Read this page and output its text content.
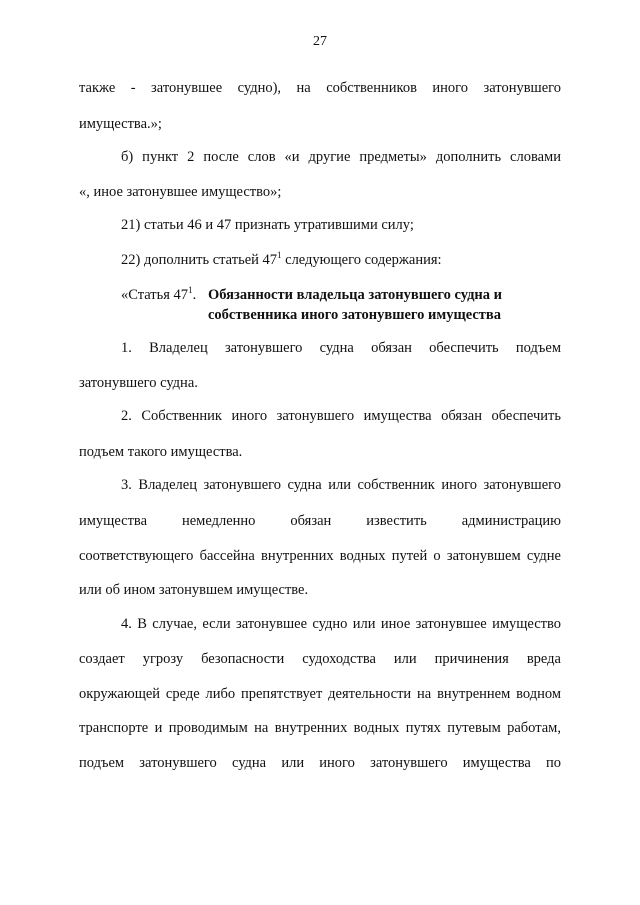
27
также - затонувшее судно), на собственников иного затонувшего
имущества.»;
б) пункт 2 после слов «и другие предметы» дополнить словами
«, иное затонувшее имущество»;
21) статьи 46 и 47 признать утратившими силу;
22) дополнить статьей $47^1$ следующего содержания:
«Статья $47^1$. Обязанности владельца затонувшего судна и
собственника иного затонувшего имущества
1. Владелец затонувшего судна обязан обеспечить подъем
затонувшего судна.
2. Собственник иного затонувшего имущества обязан обеспечить
подъем такого имущества.
3. Владелец затонувшего судна или собственник иного затонувшего
имущества немедленно обязан известить администрацию
соответствующего бассейна внутренних водных путей о затонувшем судне
или об ином затонувшем имуществе.
4. В случае, если затонувшее судно или иное затонувшее имущество
создает угрозу безопасности судоходства или причинения вреда
окружающей среде либо препятствует деятельности на внутреннем водном
транспорте и проводимым на внутренних водных путях путевым работам,
подъем затонувшего судна или иного затонувшего имущества по
